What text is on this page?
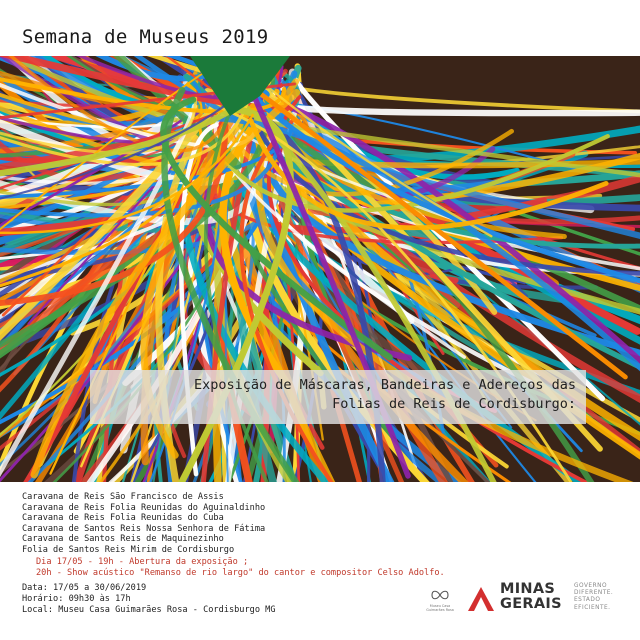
Semana de Museus 2019
Exposição de Máscaras, Bandeiras e Adereços das
Folias de Reis de Cordisburgo:
Caravana de Reis São Francisco de Assis
Caravana de Reis Folia Reunidas do Aguinaldinho
Caravana de Reis Folia Reunidas do Cuba
Caravana de Santos Reis Nossa Senhora de Fátima
Caravana de Santos Reis de Maquinezinho
Folia de Santos Reis Mirim de Cordisburgo
Dia 17/05 - 19h - Abertura da exposição ;
20h - Show acústico "Remanso de rio largo" do cantor e compositor Celso Adolfo.
Data: 17/05 a 30/06/2019
Horário: 09h30 às 17h
Local: Museu Casa Guimarães Rosa - Cordisburgo MG	Museu Casa Guimarães Rosa
MINAS
GERAIS
GOVERNO
DIFERENTE.
ESTADO
EFICIENTE.
